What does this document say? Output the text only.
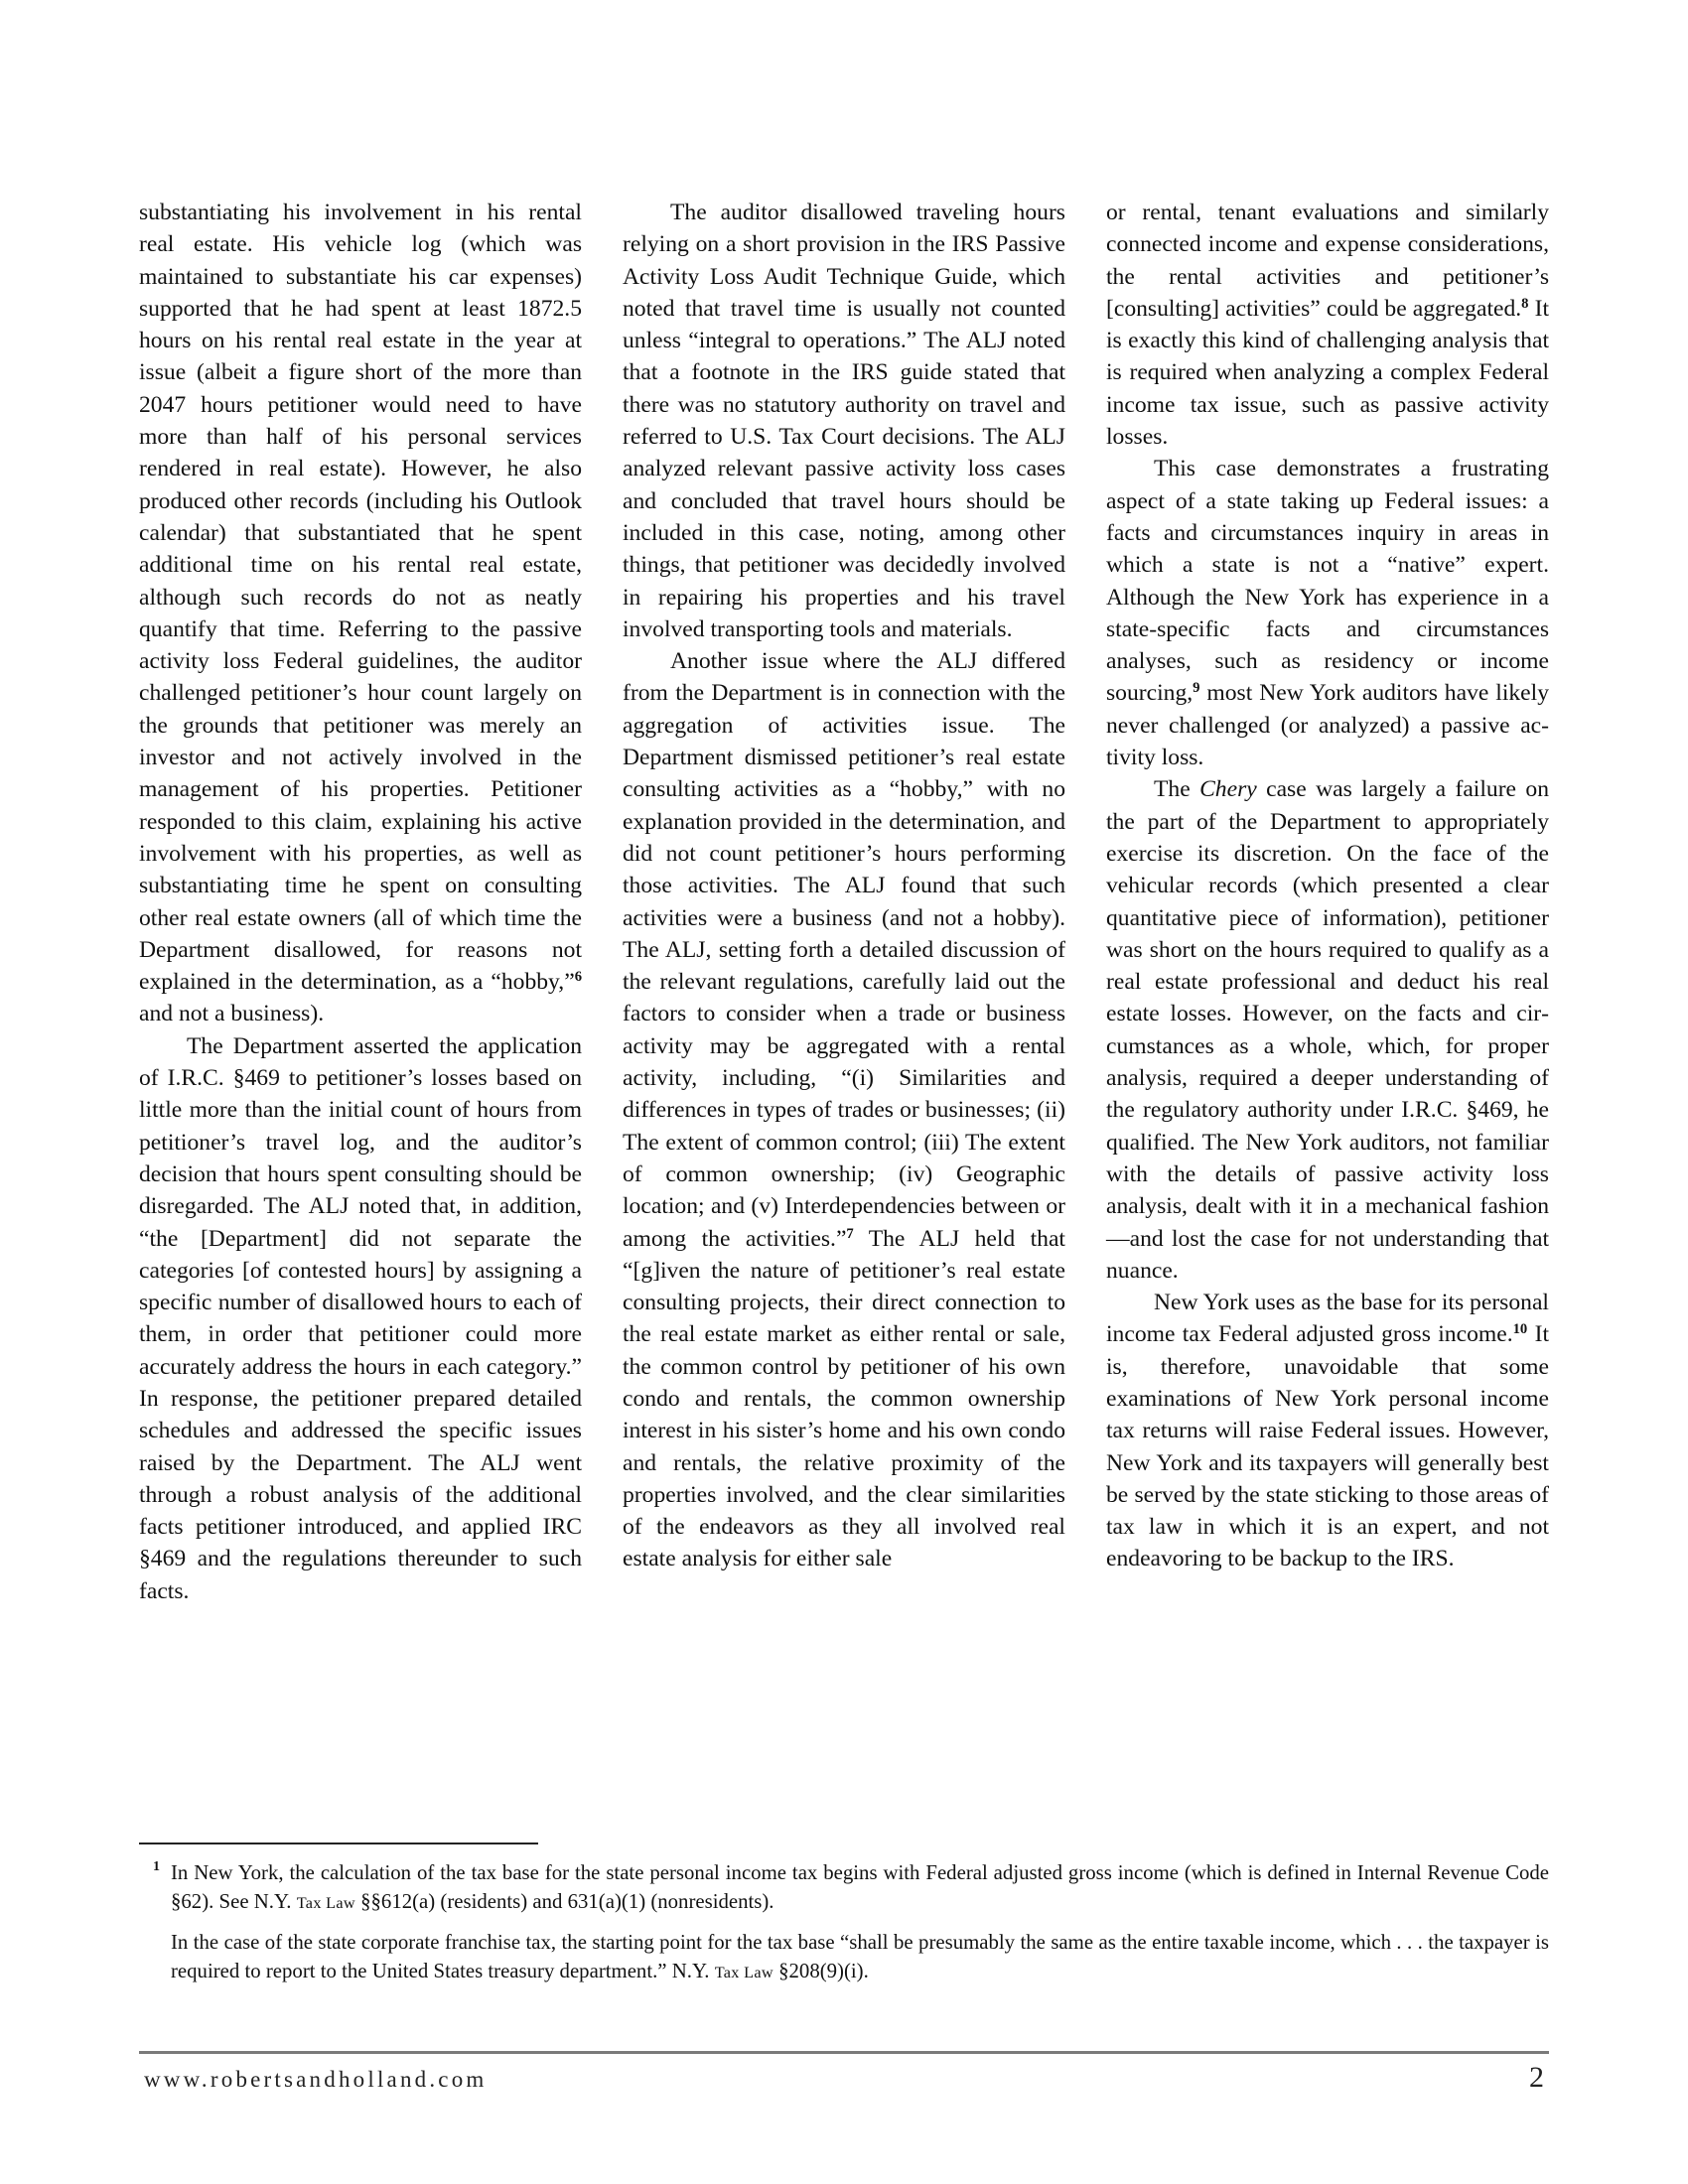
substantiating his involvement in his rental real estate. His vehicle log (which was maintained to substantiate his car expenses) supported that he had spent at least 1872.5 hours on his rental real estate in the year at issue (albeit a figure short of the more than 2047 hours petitioner would need to have more than half of his personal services rendered in real estate). However, he also produced other records (including his Outlook calendar) that substantiated that he spent additional time on his rental real estate, although such records do not as neatly quantify that time. Referring to the passive activity loss Federal guidelines, the auditor challenged petitioner’s hour count largely on the grounds that petitioner was merely an investor and not actively involved in the management of his properties. Petitioner responded to this claim, explaining his active involvement with his properties, as well as substantiating time he spent on consulting other real estate owners (all of which time the Department disallowed, for reasons not explained in the determination, as a “hobby,”$^6$ and not a business).

The Department asserted the application of I.R.C. §469 to petitioner’s losses based on little more than the initial count of hours from petitioner’s travel log, and the auditor’s decision that hours spent consulting should be disregarded. The ALJ noted that, in addition, “the [Department] did not separate the categories [of contested hours] by assigning a specific number of disallowed hours to each of them, in order that petitioner could more accurately address the hours in each category.” In response, the petitioner prepared detailed schedules and addressed the specific issues raised by the Department. The ALJ went through a robust analysis of the additional facts petitioner introduced, and applied IRC §469 and the regulations thereunder to such facts.

The auditor disallowed traveling hours relying on a short provision in the IRS Passive Activity Loss Audit Technique Guide, which noted that travel time is usually not counted unless “integral to operations.” The ALJ noted that a footnote in the IRS guide stated that there was no statutory authority on travel and referred to U.S. Tax Court decisions. The ALJ analyzed relevant passive activity loss cases and concluded that travel hours should be included in this case, noting, among other things, that petitioner was decidedly involved in repairing his properties and his travel involved transporting tools and materials.

Another issue where the ALJ differed from the Department is in connection with the aggregation of activities issue. The Department dismissed petitioner’s real estate consulting activities as a “hobby,” with no explanation provided in the determination, and did not count petitioner’s hours performing those activities. The ALJ found that such activities were a business (and not a hobby). The ALJ, setting forth a detailed discussion of the relevant regulations, carefully laid out the factors to consider when a trade or business activity may be aggregated with a rental activity, including, “(i) Similarities and differences in types of trades or businesses; (ii) The extent of common control; (iii) The extent of common ownership; (iv) Geographic location; and (v) Interdependencies between or among the activities.”$^7$ The ALJ held that “[g]iven the nature of petitioner’s real estate consulting projects, their direct connection to the real estate market as either rental or sale, the common control by petitioner of his own condo and rentals, the common ownership interest in his sister’s home and his own condo and rentals, the relative proximity of the properties involved, and the clear similarities of the endeavors as they all involved real estate analysis for either sale

or rental, tenant evaluations and similarly connected income and expense considerations, the rental activities and petitioner’s [consulting] activities” could be aggregated.$^8$ It is exactly this kind of challenging analysis that is required when analyzing a complex Federal income tax issue, such as passive activity losses.

This case demonstrates a frustrating aspect of a state taking up Federal issues: a facts and circumstances inquiry in areas in which a state is not a “native” expert. Although the New York has experience in a state-specific facts and circumstances analyses, such as residency or income sourcing,$^9$ most New York auditors have likely never challenged (or analyzed) a passive activity loss.

The Chery case was largely a failure on the part of the Department to appropriately exercise its discretion. On the face of the vehicular records (which presented a clear quantitative piece of information), petitioner was short on the hours required to qualify as a real estate professional and deduct his real estate losses. However, on the facts and circumstances as a whole, which, for proper analysis, required a deeper understanding of the regulatory authority under I.R.C. §469, he qualified. The New York auditors, not familiar with the details of passive activity loss analysis, dealt with it in a mechanical fashion—and lost the case for not understanding that nuance.

New York uses as the base for its personal income tax Federal adjusted gross income.$^{10}$ It is, therefore, unavoidable that some examinations of New York personal income tax returns will raise Federal issues. However, New York and its taxpayers will generally best be served by the state sticking to those areas of tax law in which it is an expert, and not endeavoring to be backup to the IRS.

1 In New York, the calculation of the tax base for the state personal income tax begins with Federal adjusted gross income (which is defined in Internal Revenue Code §62). See N.Y. Tax Law §§612(a) (residents) and 631(a)(1) (nonresidents).

In the case of the state corporate franchise tax, the starting point for the tax base “shall be presumably the same as the entire taxable income, which . . . the taxpayer is required to report to the United States treasury department.” N.Y. Tax Law §208(9)(i).

www.robertsandholland.com	2
